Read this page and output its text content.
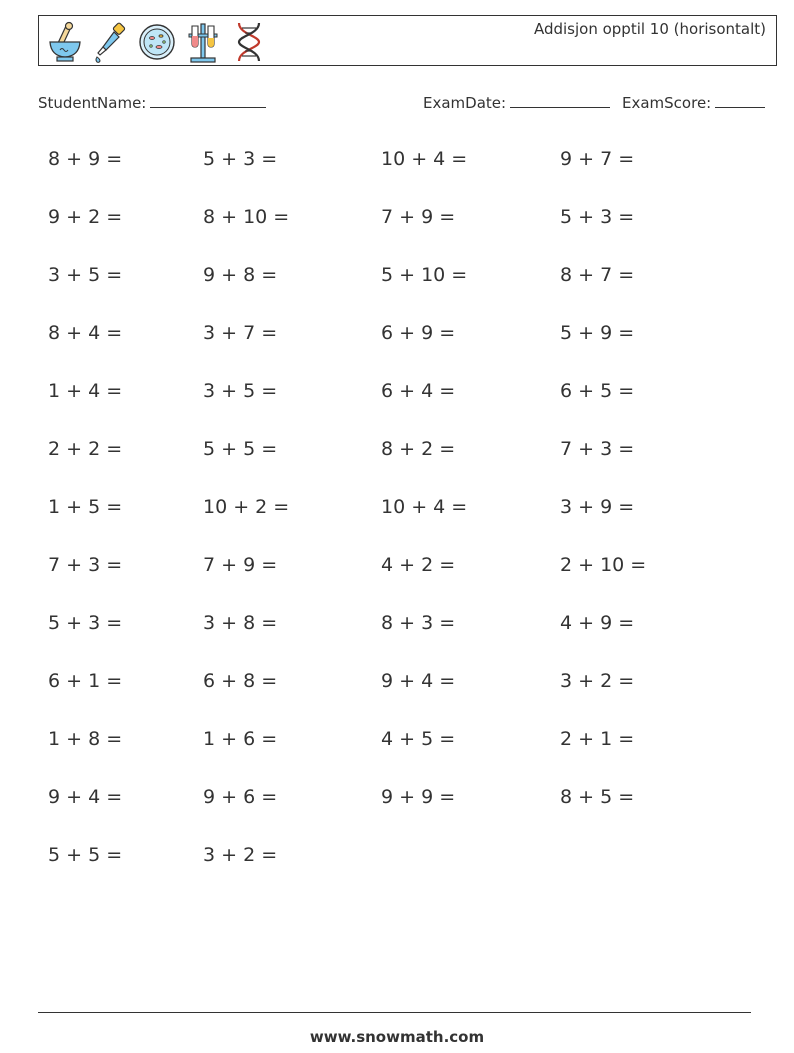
Addisjon opptil 10 (horisontalt)
StudentName:	ExamDate:	ExamScore:
8 + 9 =	5 + 3 =	10 + 4 =	9 + 7 =
9 + 2 =	8 + 10 =	7 + 9 =	5 + 3 =
3 + 5 =	9 + 8 =	5 + 10 =	8 + 7 =
8 + 4 =	3 + 7 =	6 + 9 =	5 + 9 =
1 + 4 =	3 + 5 =	6 + 4 =	6 + 5 =
2 + 2 =	5 + 5 =	8 + 2 =	7 + 3 =
1 + 5 =	10 + 2 =	10 + 4 =	3 + 9 =
7 + 3 =	7 + 9 =	4 + 2 =	2 + 10 =
5 + 3 =	3 + 8 =	8 + 3 =	4 + 9 =
6 + 1 =	6 + 8 =	9 + 4 =	3 + 2 =
1 + 8 =	1 + 6 =	4 + 5 =	2 + 1 =
9 + 4 =	9 + 6 =	9 + 9 =	8 + 5 =
5 + 5 =	3 + 2 =
www.snowmath.com
